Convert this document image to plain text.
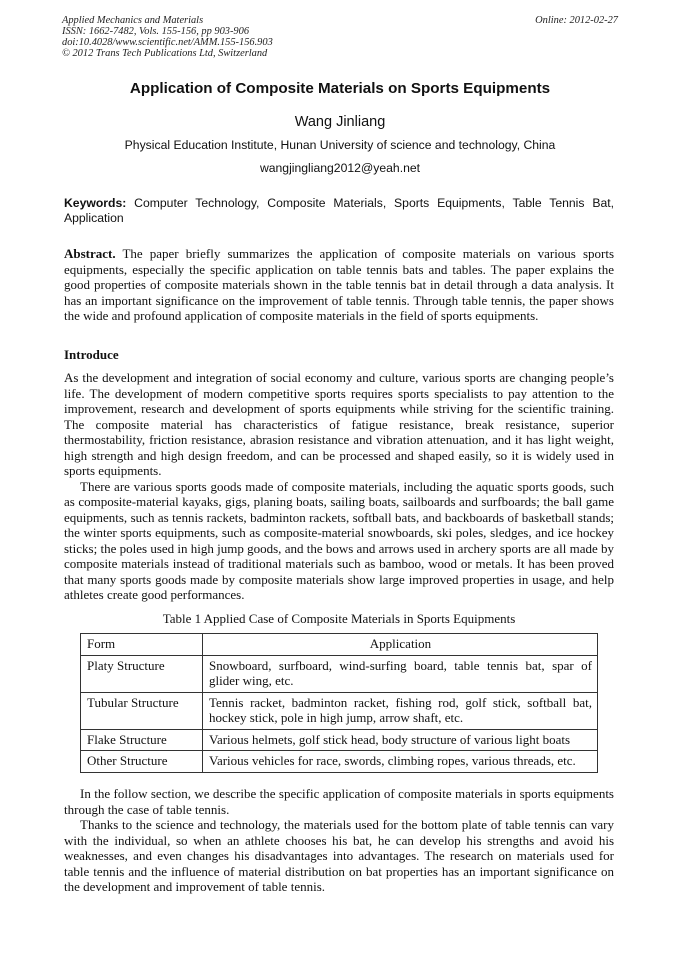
Applied Mechanics and Materials
ISSN: 1662-7482, Vols. 155-156, pp 903-906
doi:10.4028/www.scientific.net/AMM.155-156.903
© 2012 Trans Tech Publications Ltd, Switzerland
Online: 2012-02-27
Application of Composite Materials on Sports Equipments
Wang Jinliang
Physical Education Institute, Hunan University of science and technology, China
wangjingliang2012@yeah.net
Keywords: Computer Technology, Composite Materials, Sports Equipments, Table Tennis Bat, Application

Abstract. The paper briefly summarizes the application of composite materials on various sports equipments, especially the specific application on table tennis bats and tables. The paper explains the good properties of composite materials shown in the table tennis bat in detail through a data analysis. It has an important significance on the improvement of table tennis. Through table tennis, the paper shows the wide and profound application of composite materials in the field of sports equipments.

Introduce

As the development and integration of social economy and culture, various sports are changing people’s life. The development of modern competitive sports requires sports specialists to pay attention to the improvement, research and development of sports equipments while striving for the scientific training. The composite material has characteristics of fatigue resistance, break resistance, superior thermostability, friction resistance, abrasion resistance and vibration attenuation, and it has light weight, high strength and high design freedom, and can be processed and shaped easily, so it is widely used in sports equipments.

There are various sports goods made of composite materials, including the aquatic sports goods, such as composite-material kayaks, gigs, planing boats, sailing boats, sailboards and surfboards; the ball game equipments, such as tennis rackets, badminton rackets, softball bats, and backboards of basketball stands; the winter sports equipments, such as composite-material snowboards, ski poles, sledges, and ice hockey sticks; the poles used in high jump goods, and the bows and arrows used in archery sports are all made by composite materials instead of traditional materials such as bamboo, wood or metals. It has been proved that many sports goods made by composite materials show large improved properties in usage, and help athletes create good performances.

Table 1 Applied Case of Composite Materials in Sports Equipments
Form	Application
Platy Structure	Snowboard, surfboard, wind-surfing board, table tennis bat, spar of glider wing, etc.
Tubular Structure	Tennis racket, badminton racket, fishing rod, golf stick, softball bat, hockey stick, pole in high jump, arrow shaft, etc.
Flake Structure	Various helmets, golf stick head, body structure of various light boats
Other Structure	Various vehicles for race, swords, climbing ropes, various threads, etc.

In the follow section, we describe the specific application of composite materials in sports equipments through the case of table tennis.

Thanks to the science and technology, the materials used for the bottom plate of table tennis can vary with the individual, so when an athlete chooses his bat, he can develop his strengths and avoid his weaknesses, and even changes his disadvantages into advantages. The research on materials used for table tennis and the influence of material distribution on bat properties has an important significance on the development and improvement of table tennis.
